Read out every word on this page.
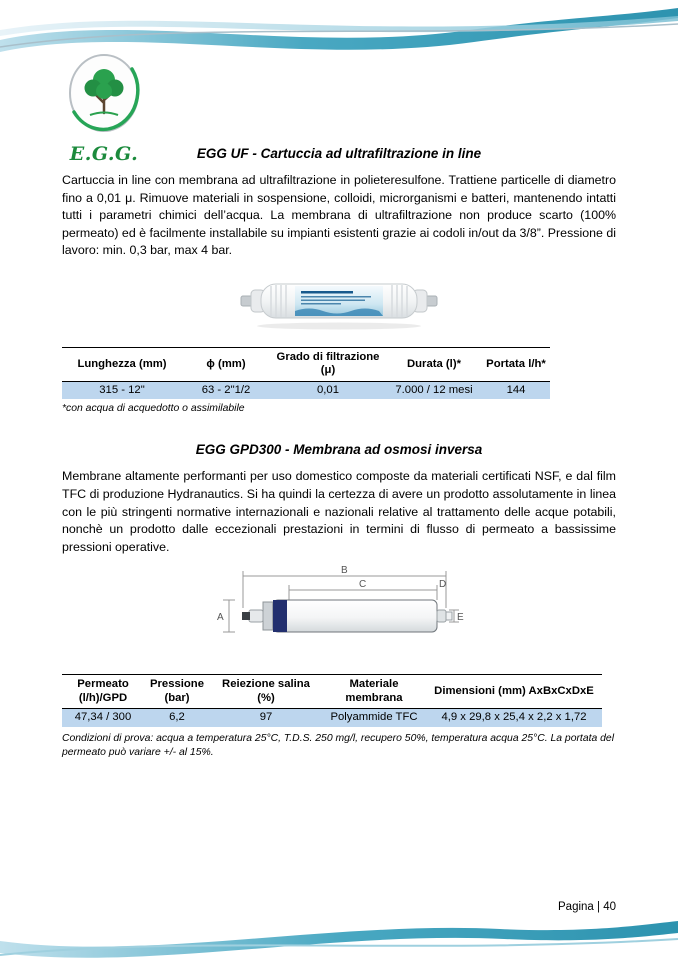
E.G.G.	EGG UF - Cartuccia ad ultrafiltrazione in line

Cartuccia in line con membrana ad ultrafiltrazione in polieteresulfone. Trattiene particelle di diametro fino a 0,01 μ. Rimuove materiali in sospensione, colloidi, microrganismi e batteri, mantenendo intatti tutti i parametri chimici dell’acqua. La membrana di ultrafiltrazione non produce scarto (100% permeato) ed è facilmente installabile su impianti esistenti grazie ai codoli in/out da 3/8”. Pressione di lavoro: min. 0,3 bar, max 4 bar.

Lunghezza (mm)	ϕ (mm)	Grado di filtrazione (μ)	Durata (l)*	Portata l/h*
315 - 12"	63 - 2"1/2	0,01	7.000 / 12 mesi	144
*con acqua di acquedotto o assimilabile
EGG GPD300 - Membrana ad osmosi inversa

Membrane altamente performanti per uso domestico composte da materiali certificati NSF, e dal film TFC di produzione Hydranautics. Si ha quindi la certezza di avere un prodotto assolutamente in linea con le più stringenti normative internazionali e nazionali relative al trattamento delle acque potabili, nonchè un prodotto dalle eccezionali prestazioni in termini di flusso di permeato a bassissime pressioni operative.

B
C	D
A	E
Permeato (l/h)/GPD	Pressione (bar)	Reiezione salina (%)	Materiale membrana	Dimensioni (mm) AxBxCxDxE
47,34 / 300	6,2	97	Polyammide TFC	4,9 x 29,8 x 25,4 x 2,2 x 1,72
Condizioni di prova: acqua a temperatura 25°C, T.D.S. 250 mg/l, recupero 50%, temperatura acqua 25°C. La portata del permeato può variare +/- al 15%.
Pagina | 40
